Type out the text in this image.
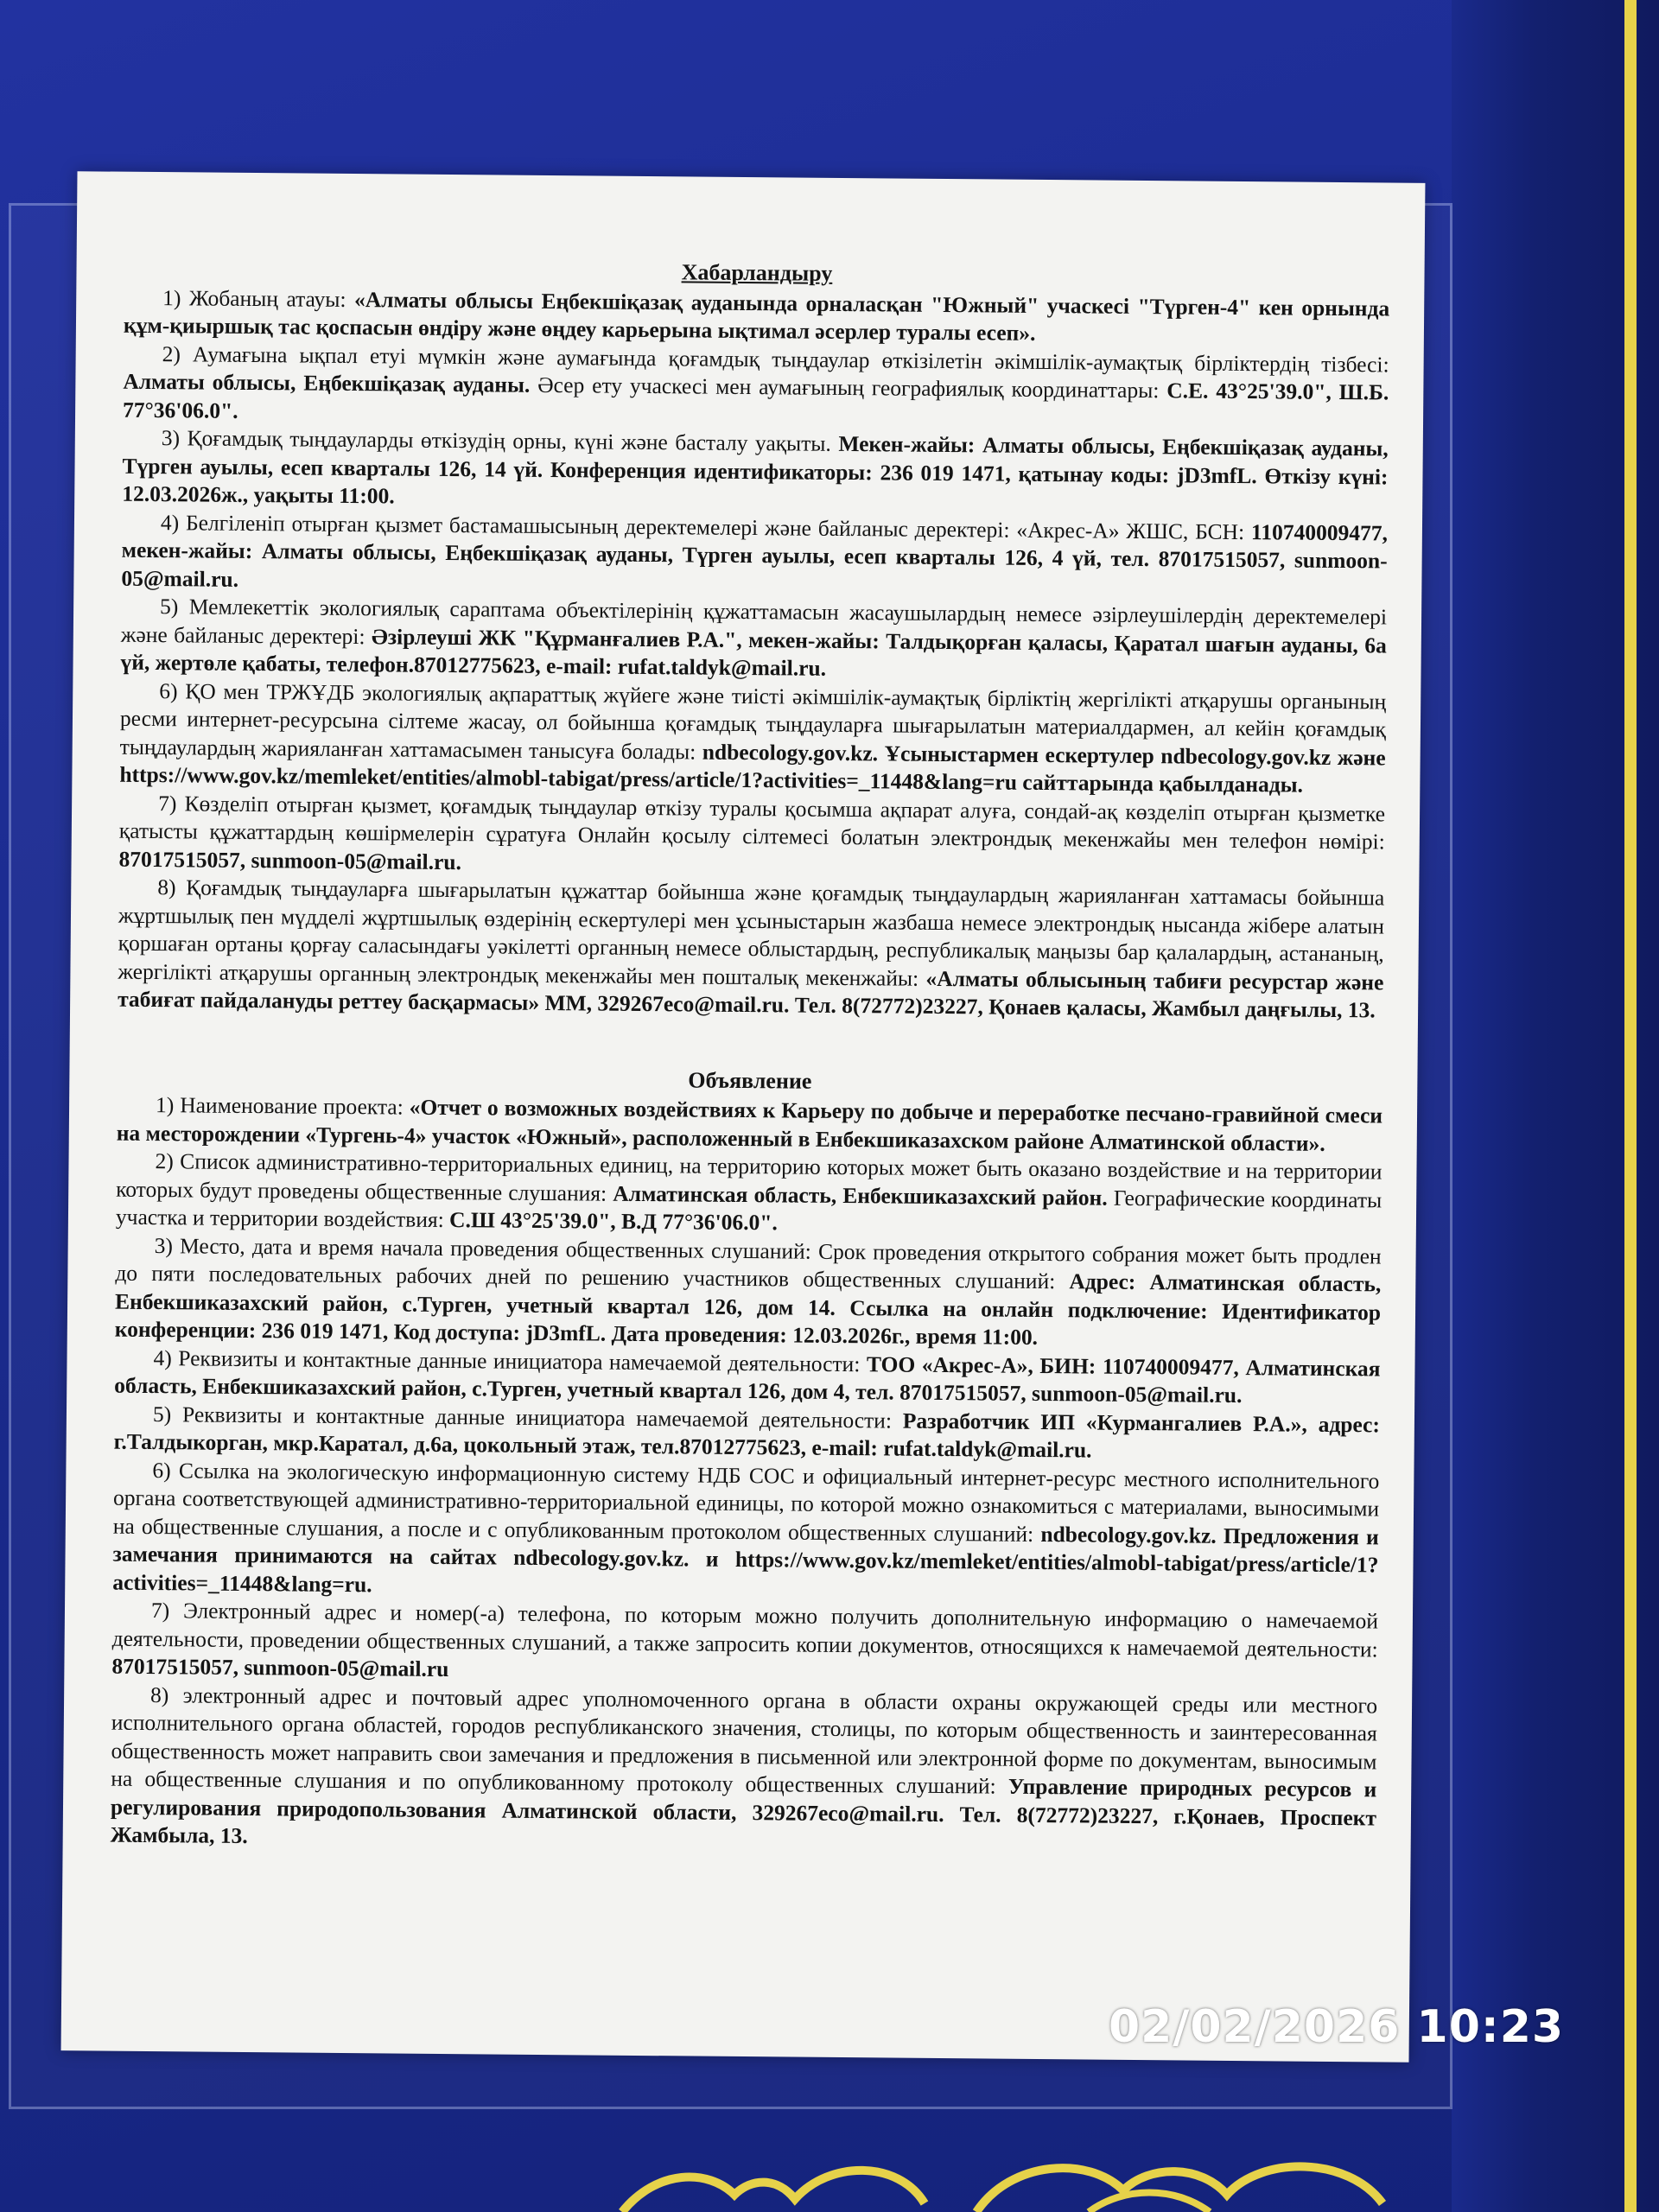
Хабарландыру

1) Жобаның атауы: «Алматы облысы Еңбекшіқазақ ауданында орналасқан "Южный" учаскесі "Түрген-4" кен орнында құм-қиыршық тас қоспасын өндіру және өңдеу карьерына ықтимал әсерлер туралы есеп».

2) Аумағына ықпал етуі мүмкін және аумағында қоғамдық тыңдаулар өткізілетін әкімшілік-аумақтық бірліктердің тізбесі: Алматы облысы, Еңбекшіқазақ ауданы. Әсер ету учаскесі мен аумағының географиялық координаттары: С.Е. 43°25'39.0", Ш.Б. 77°36'06.0".

3) Қоғамдық тыңдауларды өткізудің орны, күні және басталу уақыты. Мекен-жайы: Алматы облысы, Еңбекшіқазақ ауданы, Түрген ауылы, есеп кварталы 126, 14 үй. Конференция идентификаторы: 236 019 1471, қатынау коды: jD3mfL. Өткізу күні: 12.03.2026ж., уақыты 11:00.

4) Белгіленіп отырған қызмет бастамашысының деректемелері және байланыс деректері: «Акрес-А» ЖШС, БСН: 110740009477, мекен-жайы: Алматы облысы, Еңбекшіқазақ ауданы, Түрген ауылы, есеп кварталы 126, 4 үй, тел. 87017515057, sunmoon-05@mail.ru.

5) Мемлекеттік экологиялық сараптама объектілерінің құжаттамасын жасаушылардың немесе әзірлеушілердің деректемелері және байланыс деректері: Әзірлеуші ЖК "Құрманғалиев Р.А.", мекен-жайы: Талдықорған қаласы, Қаратал шағын ауданы, 6а үй, жертөле қабаты, телефон.87012775623, e-mail: rufat.taldyk@mail.ru.

6) ҚО мен ТРЖҰДБ экологиялық ақпараттық жүйеге және тиісті әкімшілік-аумақтық бірліктің жергілікті атқарушы органының ресми интернет-ресурсына сілтеме жасау, ол бойынша қоғамдық тыңдауларға шығарылатын материалдармен, ал кейін қоғамдық тыңдаулардың жарияланған хаттамасымен танысуға болады: ndbecology.gov.kz. Ұсыныстармен ескертулер ndbecology.gov.kz және https://www.gov.kz/memleket/entities/almobl-tabigat/press/article/1?activities=_11448&lang=ru сайттарында қабылданады.

7) Көзделіп отырған қызмет, қоғамдық тыңдаулар өткізу туралы қосымша ақпарат алуға, сондай-ақ көзделіп отырған қызметке қатысты құжаттардың көшірмелерін сұратуға Онлайн қосылу сілтемесі болатын электрондық мекенжайы мен телефон нөмірі: 87017515057, sunmoon-05@mail.ru.

8) Қоғамдық тыңдауларға шығарылатын құжаттар бойынша және қоғамдық тыңдаулардың жарияланған хаттамасы бойынша жұртшылық пен мүдделі жұртшылық өздерінің ескертулері мен ұсыныстарын жазбаша немесе электрондық нысанда жібере алатын қоршаған ортаны қорғау саласындағы уәкілетті органның немесе облыстардың, республикалық маңызы бар қалалардың, астананың, жергілікті атқарушы органның электрондық мекенжайы мен пошталық мекенжайы: «Алматы облысының табиғи ресурстар және табиғат пайдалануды реттеу басқармасы» ММ, 329267eco@mail.ru. Тел. 8(72772)23227, Қонаев қаласы, Жамбыл даңғылы, 13.

Объявление

1) Наименование проекта: «Отчет о возможных воздействиях к Карьеру по добыче и переработке песчано-гравийной смеси на месторождении «Тургень-4» участок «Южный», расположенный в Енбекшиказахском районе Алматинской области».

2) Список административно-территориальных единиц, на территорию которых может быть оказано воздействие и на территории которых будут проведены общественные слушания: Алматинская область, Енбекшиказахский район. Географические координаты участка и территории воздействия: С.Ш 43°25'39.0", В.Д 77°36'06.0".

3) Место, дата и время начала проведения общественных слушаний: Срок проведения открытого собрания может быть продлен до пяти последовательных рабочих дней по решению участников общественных слушаний: Адрес: Алматинская область, Енбекшиказахский район, с.Турген, учетный квартал 126, дом 14. Ссылка на онлайн подключение: Идентификатор конференции: 236 019 1471, Код доступа: jD3mfL. Дата проведения: 12.03.2026г., время 11:00.

4) Реквизиты и контактные данные инициатора намечаемой деятельности: ТОО «Акрес-А», БИН: 110740009477, Алматинская область, Енбекшиказахский район, с.Турген, учетный квартал 126, дом 4, тел. 87017515057, sunmoon-05@mail.ru.

5) Реквизиты и контактные данные инициатора намечаемой деятельности: Разработчик ИП «Курмангалиев Р.А.», адрес: г.Талдыкорган, мкр.Каратал, д.6а, цокольный этаж, тел.87012775623, e-mail: rufat.taldyk@mail.ru.

6) Ссылка на экологическую информационную систему НДБ СОС и официальный интернет-ресурс местного исполнительного органа соответствующей административно-территориальной единицы, по которой можно ознакомиться с материалами, выносимыми на общественные слушания, а после и с опубликованным протоколом общественных слушаний: ndbecology.gov.kz. Предложения и замечания принимаются на сайтах ndbecology.gov.kz. и https://www.gov.kz/memleket/entities/almobl-tabigat/press/article/1?activities=_11448&lang=ru.

7) Электронный адрес и номер(-а) телефона, по которым можно получить дополнительную информацию о намечаемой деятельности, проведении общественных слушаний, а также запросить копии документов, относящихся к намечаемой деятельности: 87017515057, sunmoon-05@mail.ru

8) электронный адрес и почтовый адрес уполномоченного органа в области охраны окружающей среды или местного исполнительного органа областей, городов республиканского значения, столицы, по которым общественность и заинтересованная общественность может направить свои замечания и предложения в письменной или электронной форме по документам, выносимым на общественные слушания и по опубликованному протоколу общественных слушаний: Управление природных ресурсов и регулирования природопользования Алматинской области, 329267eco@mail.ru. Тел. 8(72772)23227, г.Қонаев, Проспект Жамбыла, 13.

02/02/2026 10:23
